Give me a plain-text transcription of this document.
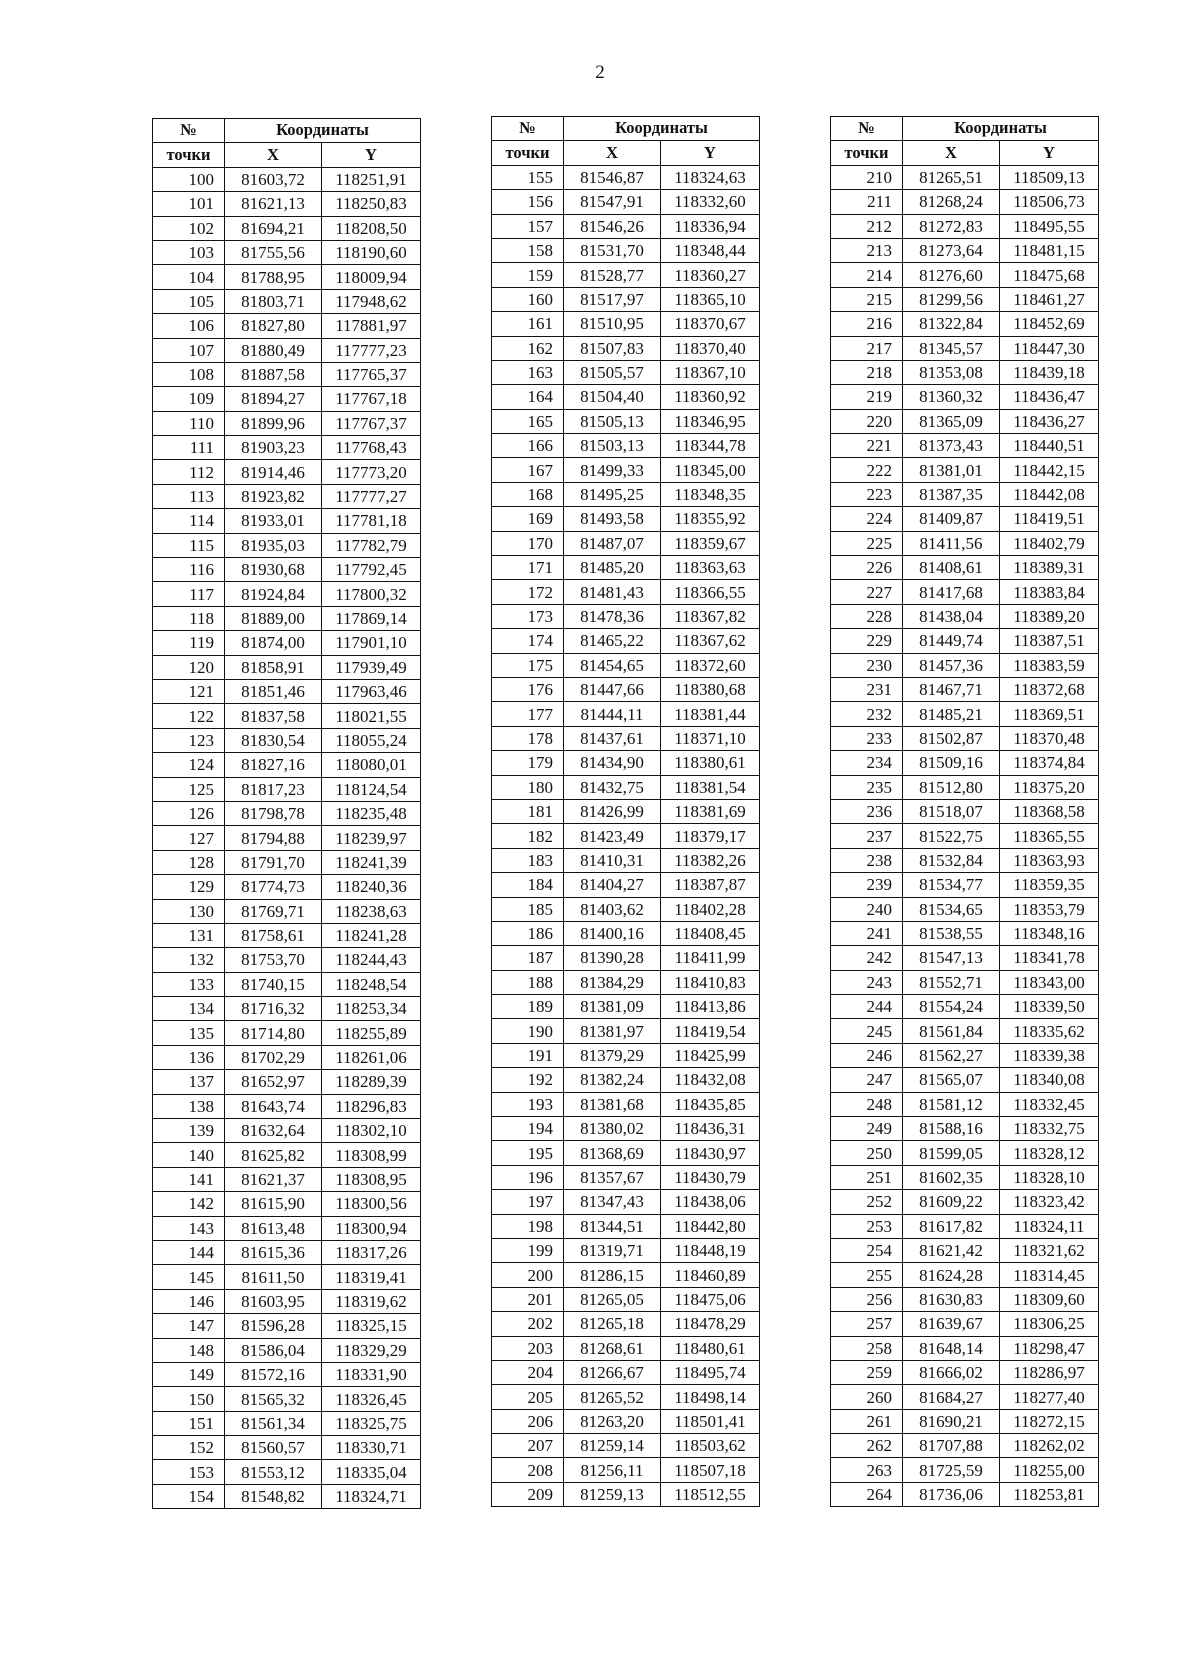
2
№	Координаты	
точки	X	Y
100	81603,72	118251,91
101	81621,13	118250,83
102	81694,21	118208,50
103	81755,56	118190,60
104	81788,95	118009,94
105	81803,71	117948,62
106	81827,80	117881,97
107	81880,49	117777,23
108	81887,58	117765,37
109	81894,27	117767,18
110	81899,96	117767,37
111	81903,23	117768,43
112	81914,46	117773,20
113	81923,82	117777,27
114	81933,01	117781,18
115	81935,03	117782,79
116	81930,68	117792,45
117	81924,84	117800,32
118	81889,00	117869,14
119	81874,00	117901,10
120	81858,91	117939,49
121	81851,46	117963,46
122	81837,58	118021,55
123	81830,54	118055,24
124	81827,16	118080,01
125	81817,23	118124,54
126	81798,78	118235,48
127	81794,88	118239,97
128	81791,70	118241,39
129	81774,73	118240,36
130	81769,71	118238,63
131	81758,61	118241,28
132	81753,70	118244,43
133	81740,15	118248,54
134	81716,32	118253,34
135	81714,80	118255,89
136	81702,29	118261,06
137	81652,97	118289,39
138	81643,74	118296,83
139	81632,64	118302,10
140	81625,82	118308,99
141	81621,37	118308,95
142	81615,90	118300,56
143	81613,48	118300,94
144	81615,36	118317,26
145	81611,50	118319,41
146	81603,95	118319,62
147	81596,28	118325,15
148	81586,04	118329,29
149	81572,16	118331,90
150	81565,32	118326,45
151	81561,34	118325,75
152	81560,57	118330,71
153	81553,12	118335,04
154	81548,82	118324,71
№	Координаты	
точки	X	Y
155	81546,87	118324,63
156	81547,91	118332,60
157	81546,26	118336,94
158	81531,70	118348,44
159	81528,77	118360,27
160	81517,97	118365,10
161	81510,95	118370,67
162	81507,83	118370,40
163	81505,57	118367,10
164	81504,40	118360,92
165	81505,13	118346,95
166	81503,13	118344,78
167	81499,33	118345,00
168	81495,25	118348,35
169	81493,58	118355,92
170	81487,07	118359,67
171	81485,20	118363,63
172	81481,43	118366,55
173	81478,36	118367,82
174	81465,22	118367,62
175	81454,65	118372,60
176	81447,66	118380,68
177	81444,11	118381,44
178	81437,61	118371,10
179	81434,90	118380,61
180	81432,75	118381,54
181	81426,99	118381,69
182	81423,49	118379,17
183	81410,31	118382,26
184	81404,27	118387,87
185	81403,62	118402,28
186	81400,16	118408,45
187	81390,28	118411,99
188	81384,29	118410,83
189	81381,09	118413,86
190	81381,97	118419,54
191	81379,29	118425,99
192	81382,24	118432,08
193	81381,68	118435,85
194	81380,02	118436,31
195	81368,69	118430,97
196	81357,67	118430,79
197	81347,43	118438,06
198	81344,51	118442,80
199	81319,71	118448,19
200	81286,15	118460,89
201	81265,05	118475,06
202	81265,18	118478,29
203	81268,61	118480,61
204	81266,67	118495,74
205	81265,52	118498,14
206	81263,20	118501,41
207	81259,14	118503,62
208	81256,11	118507,18
209	81259,13	118512,55
№	Координаты	
точки	X	Y
210	81265,51	118509,13
211	81268,24	118506,73
212	81272,83	118495,55
213	81273,64	118481,15
214	81276,60	118475,68
215	81299,56	118461,27
216	81322,84	118452,69
217	81345,57	118447,30
218	81353,08	118439,18
219	81360,32	118436,47
220	81365,09	118436,27
221	81373,43	118440,51
222	81381,01	118442,15
223	81387,35	118442,08
224	81409,87	118419,51
225	81411,56	118402,79
226	81408,61	118389,31
227	81417,68	118383,84
228	81438,04	118389,20
229	81449,74	118387,51
230	81457,36	118383,59
231	81467,71	118372,68
232	81485,21	118369,51
233	81502,87	118370,48
234	81509,16	118374,84
235	81512,80	118375,20
236	81518,07	118368,58
237	81522,75	118365,55
238	81532,84	118363,93
239	81534,77	118359,35
240	81534,65	118353,79
241	81538,55	118348,16
242	81547,13	118341,78
243	81552,71	118343,00
244	81554,24	118339,50
245	81561,84	118335,62
246	81562,27	118339,38
247	81565,07	118340,08
248	81581,12	118332,45
249	81588,16	118332,75
250	81599,05	118328,12
251	81602,35	118328,10
252	81609,22	118323,42
253	81617,82	118324,11
254	81621,42	118321,62
255	81624,28	118314,45
256	81630,83	118309,60
257	81639,67	118306,25
258	81648,14	118298,47
259	81666,02	118286,97
260	81684,27	118277,40
261	81690,21	118272,15
262	81707,88	118262,02
263	81725,59	118255,00
264	81736,06	118253,81
